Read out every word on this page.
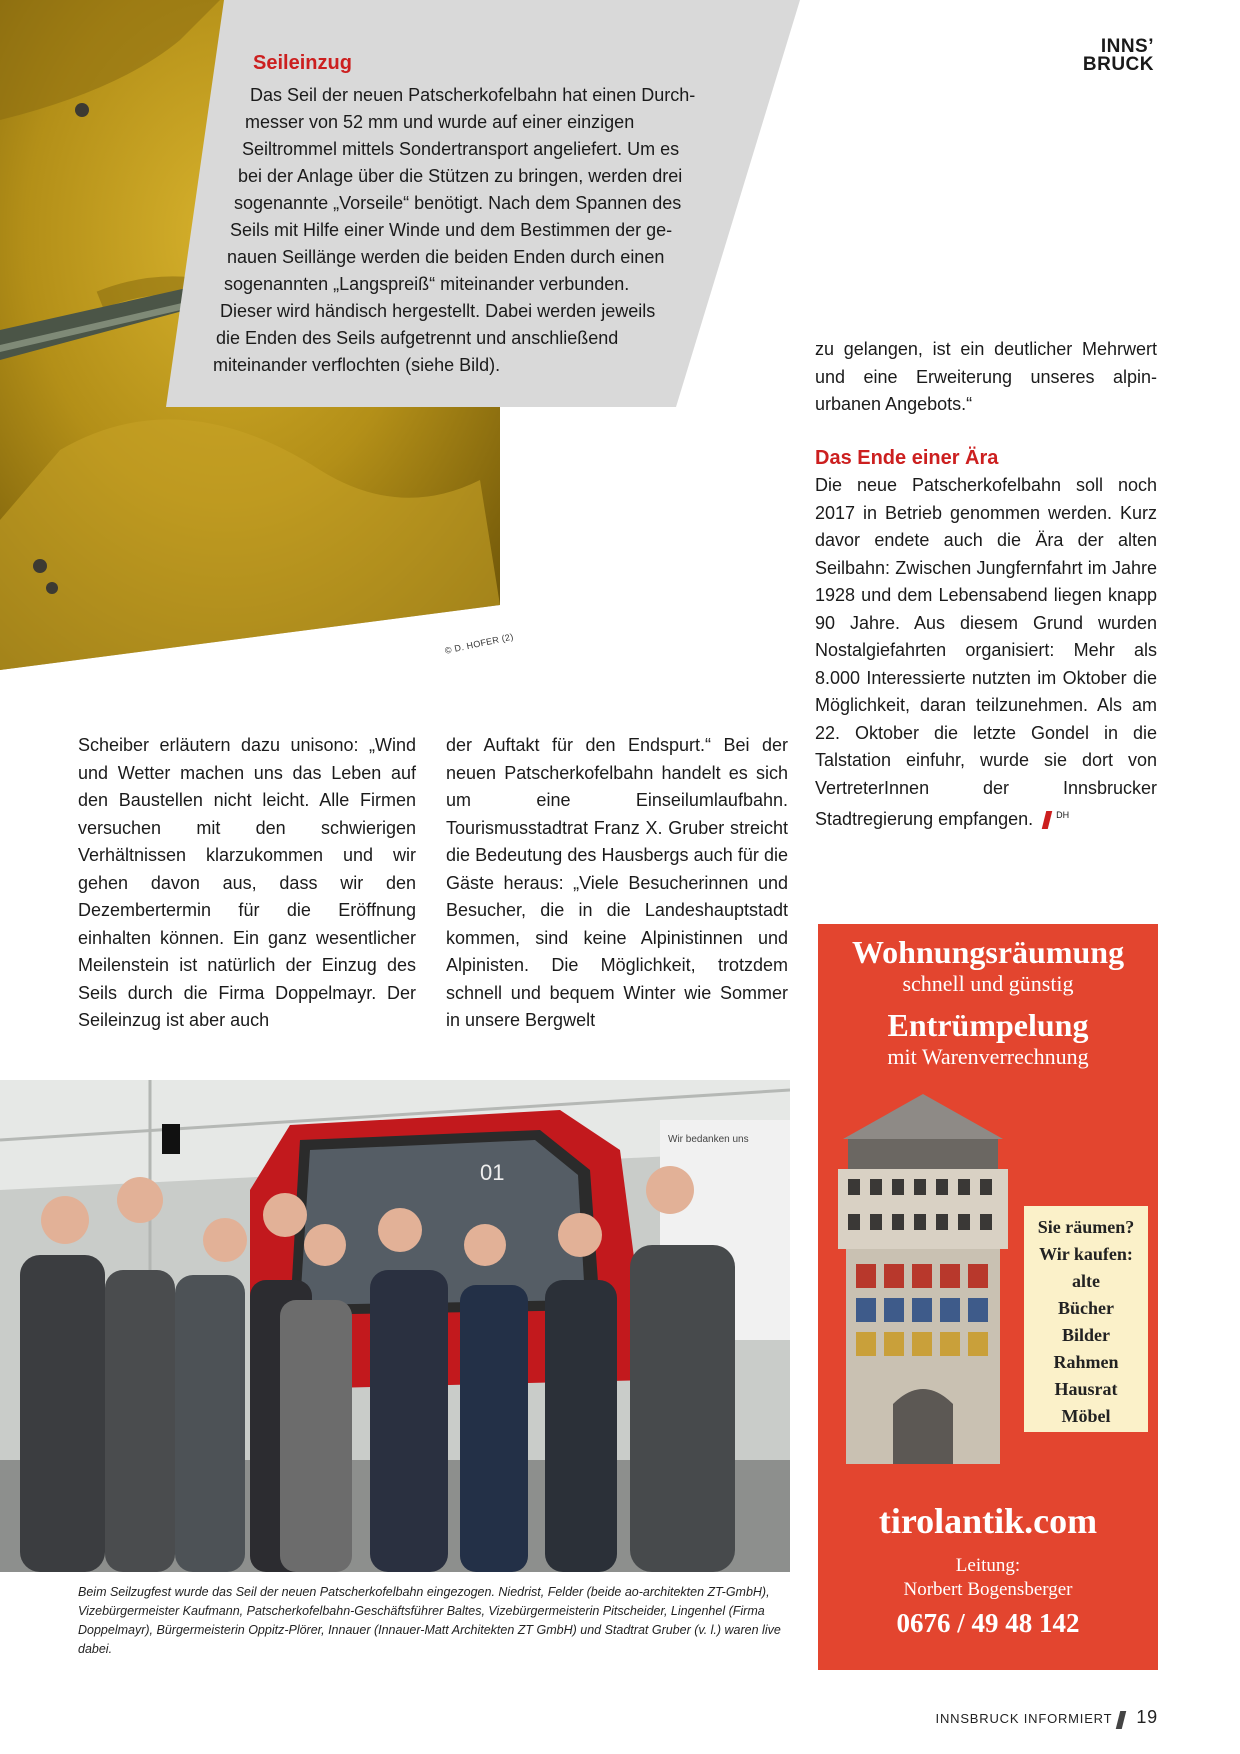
© D. HOFER (2)
INNS’
BRUCK
Seileinzug
Das Seil der neuen Patscherkofelbahn hat einen Durch-
messer von 52 mm und wurde auf einer einzigen
Seiltrommel mittels Sondertransport angeliefert. Um es
bei der Anlage über die Stützen zu bringen, werden drei
sogenannte „Vorseile“ benötigt. Nach dem Spannen des
Seils mit Hilfe einer Winde und dem Bestimmen der ge-
nauen Seillänge werden die beiden Enden durch einen
sogenannten „Langspreiß“ miteinander verbunden.
Dieser wird händisch hergestellt. Dabei werden jeweils
die Enden des Seils aufgetrennt und anschließend
miteinander verflochten (siehe Bild).
zu gelangen, ist ein deutlicher Mehrwert und eine Erweiterung unseres alpin-urbanen Angebots.“
Das Ende einer Ära
Die neue Patscherkofelbahn soll noch 2017 in Betrieb genommen werden. Kurz davor endete auch die Ära der alten Seilbahn: Zwischen Jungfernfahrt im Jahre 1928 und dem Lebensabend liegen knapp 90 Jahre. Aus diesem Grund wurden Nostalgiefahrten organisiert: Mehr als 8.000 Interessierte nutzten im Oktober die Möglichkeit, daran teilzunehmen. Als am 22. Oktober die letzte Gondel in die Talstation einfuhr, wurde sie dort von VertreterInnen der Innsbrucker Stadtregierung empfangen.	$^{DH}$
Scheiber erläutern dazu unisono: „Wind und Wetter machen uns das Leben auf den Baustellen nicht leicht. Alle Firmen versuchen mit den schwierigen Verhältnissen klarzukommen und wir gehen davon aus, dass wir den Dezembertermin für die Eröffnung einhalten können. Ein ganz wesentlicher Meilenstein ist natürlich der Einzug des Seils durch die Firma Doppelmayr. Der Seileinzug ist aber auch
der Auftakt für den Endspurt.“ Bei der neuen Patscherkofelbahn handelt es sich um eine Einseilumlaufbahn. Tourismusstadtrat Franz X. Gruber streicht die Bedeutung des Hausbergs auch für die Gäste heraus: „Viele Besucherinnen und Besucher, die in die Landeshauptstadt kommen, sind keine Alpinistinnen und Alpinisten. Die Möglichkeit, trotzdem schnell und bequem Winter wie Sommer in unsere Bergwelt
Wir bedanken uns
01
Beim Seilzugfest wurde das Seil der neuen Patscherkofelbahn eingezogen. Niedrist, Felder (beide ao-architekten ZT-GmbH), Vizebürgermeister Kaufmann, Patscherkofelbahn-Geschäftsführer Baltes, Vizebürgermeisterin Pitscheider, Lingenhel (Firma Doppelmayr), Bürgermeisterin Oppitz-Plörer, Innauer (Innauer-Matt Architekten ZT GmbH) und Stadtrat Gruber (v. l.) waren live dabei.
Wohnungsräumung
schnell und günstig
Entrümpelung
mit Warenverrechnung
Sie räumen?
Wir kaufen:
alte
Bücher
Bilder
Rahmen
Hausrat
Möbel
tirolantik.com
Leitung:
Norbert Bogensberger
0676 / 49 48 142
INNSBRUCK INFORMIERT 19
